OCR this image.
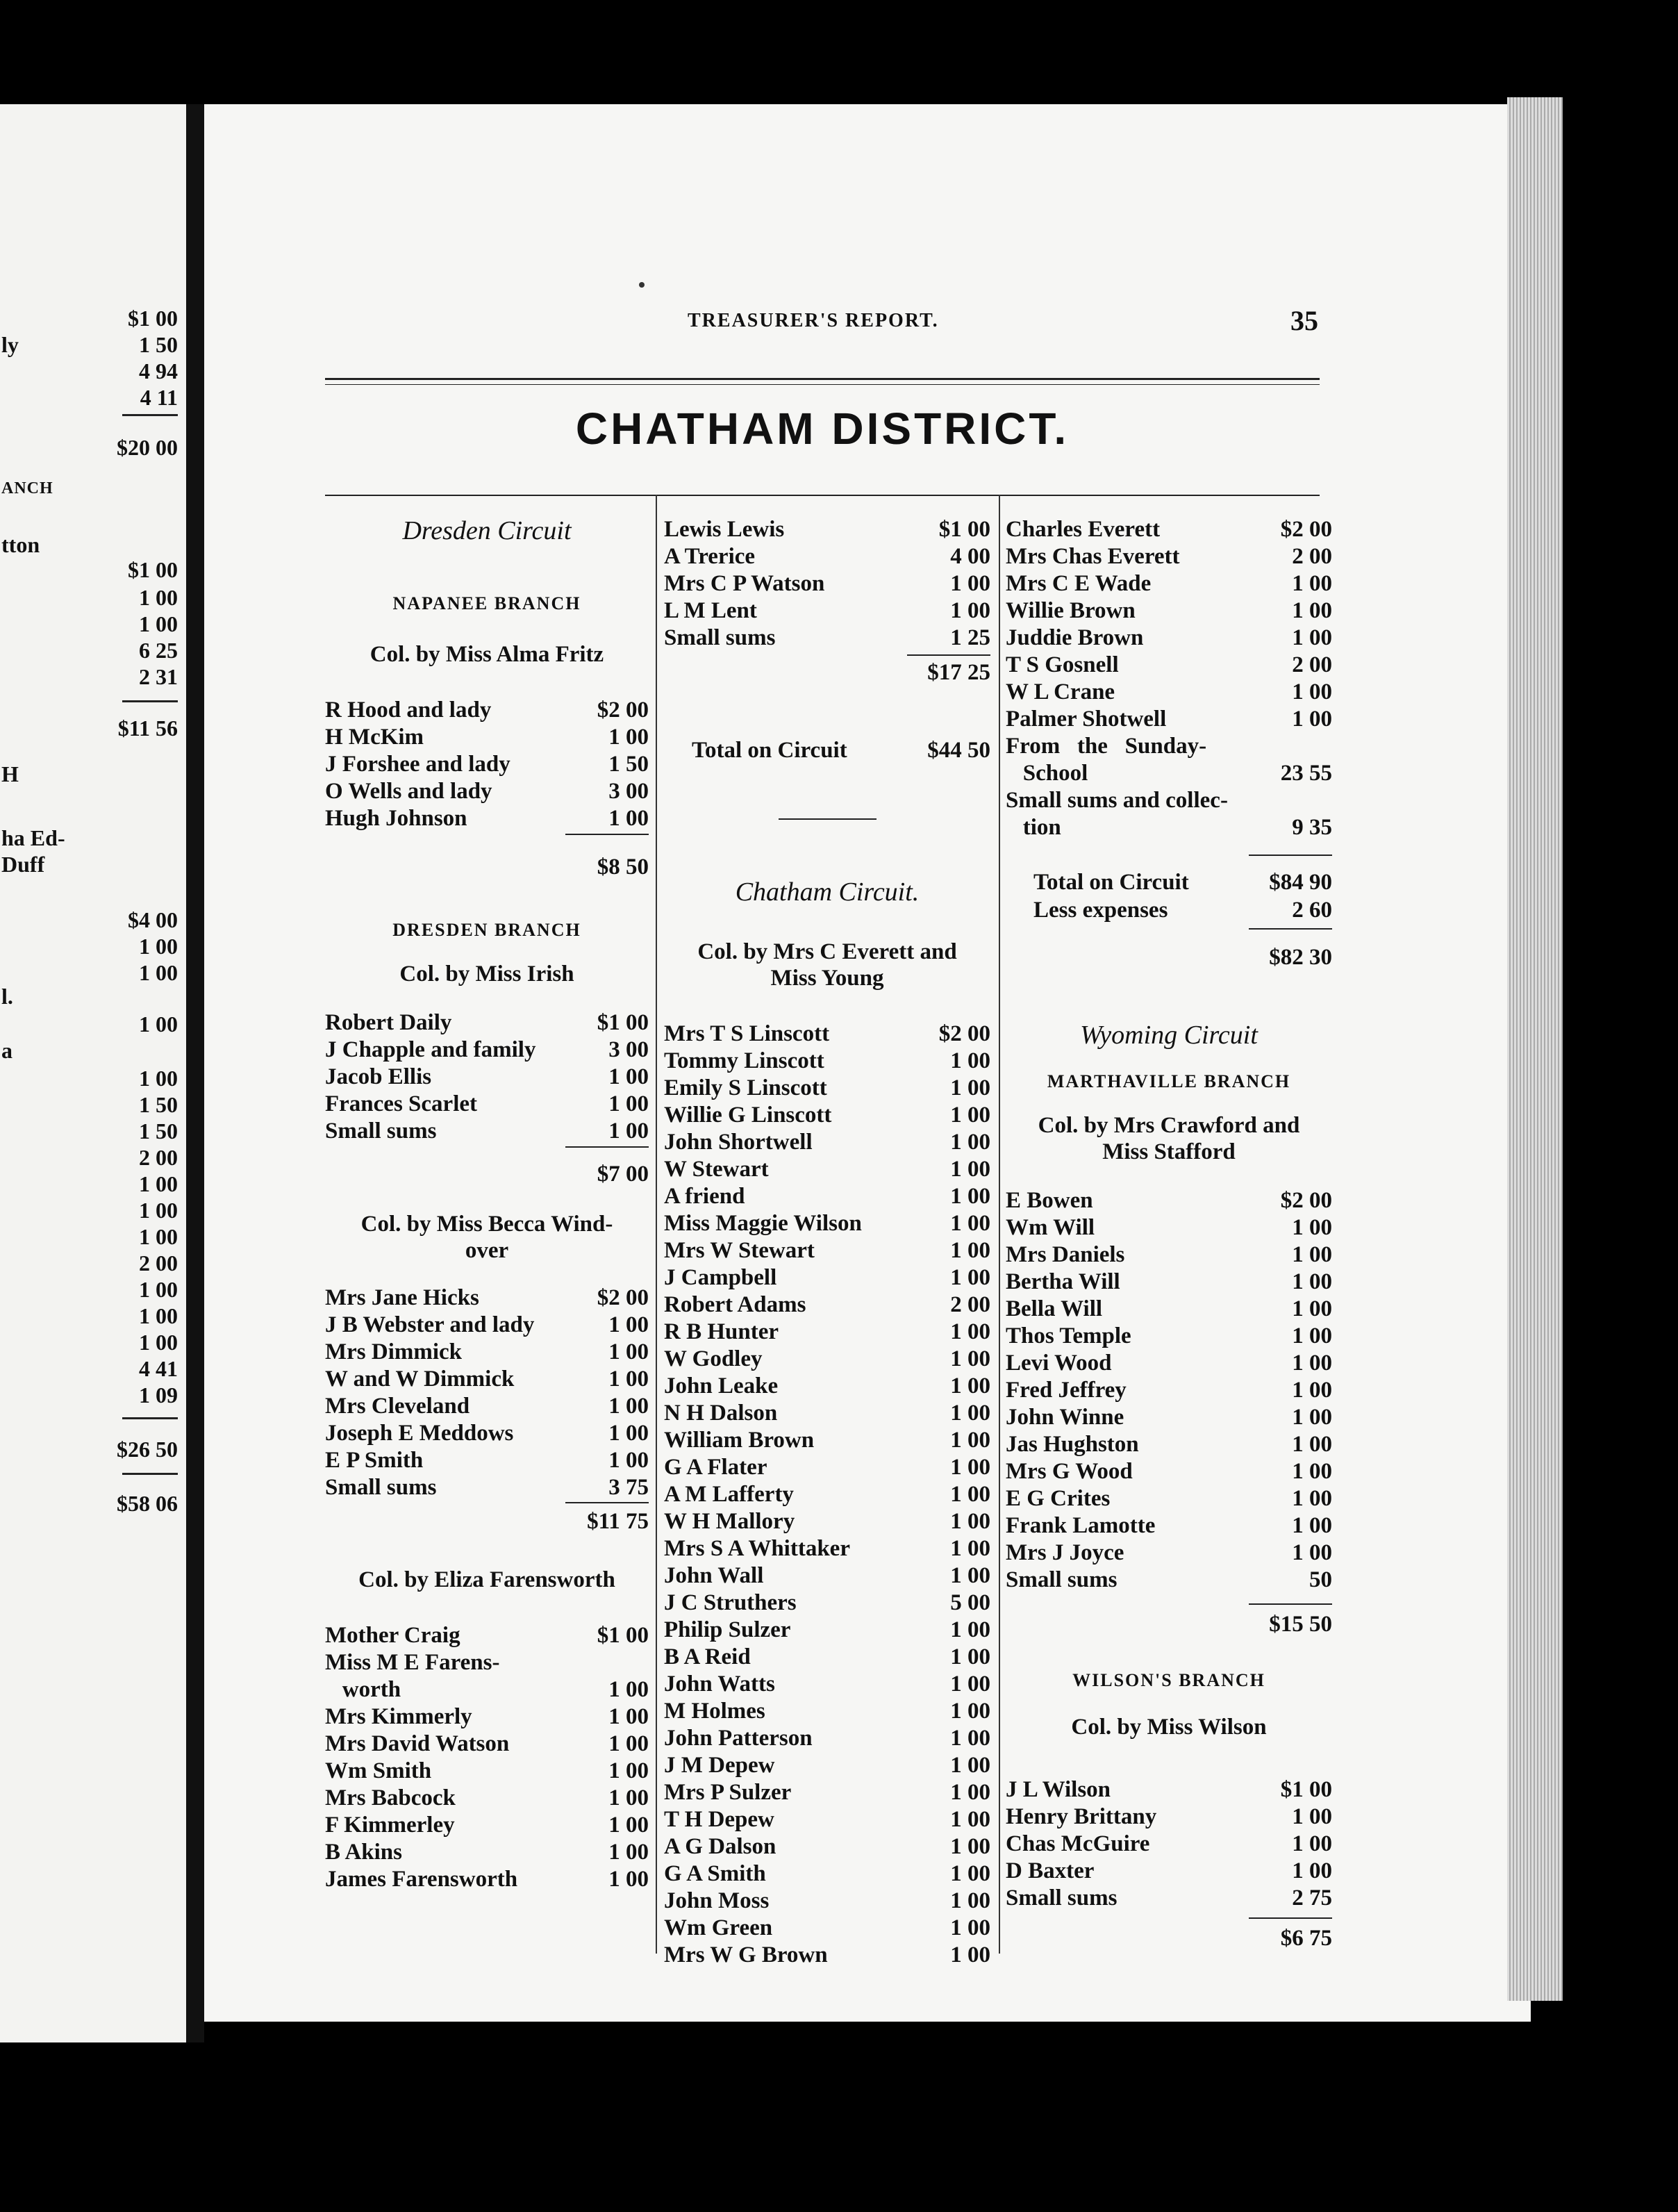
$1 00
ly	1 50
4 94
4 11
$20 00
ANCH
tton
$1 00
1 00
1 00
6 25
2 31
$11 56
H
ha Ed-
Duff
$4 00
1 00
1 00
l.
1 00
a
1 00
1 50
1 50
2 00
1 00
1 00
1 00
2 00
1 00
1 00
1 00
4 41
1 09
$26 50
$58 06
TREASURER'S REPORT.	35
CHATHAM DISTRICT.
Dresden Circuit
NAPANEE BRANCH
Col. by Miss Alma Fritz
R Hood and lady	$2 00
H McKim	1 00
J Forshee and lady	1 50
O Wells and lady	3 00
Hugh Johnson	1 00
$8 50
DRESDEN BRANCH
Col. by Miss Irish
Robert Daily	$1 00
J Chapple and family	3 00
Jacob Ellis	1 00
Frances Scarlet	1 00
Small sums	1 00
$7 00
Col. by Miss Becca Wind-
over
Mrs Jane Hicks	$2 00
J B Webster and lady	1 00
Mrs Dimmick	1 00
W and W Dimmick	1 00
Mrs Cleveland	1 00
Joseph E Meddows	1 00
E P Smith	1 00
Small sums	3 75
$11 75
Col. by Eliza Farensworth
Mother Craig	$1 00
Miss M E Farens-
worth	1 00
Mrs Kimmerly	1 00
Mrs David Watson	1 00
Wm Smith	1 00
Mrs Babcock	1 00
F Kimmerley	1 00
B Akins	1 00
James Farensworth	1 00
Lewis Lewis	$1 00
A Trerice	4 00
Mrs C P Watson	1 00
L M Lent	1 00
Small sums	1 25
$17 25
Total on Circuit	$44 50
Chatham Circuit.
Col. by Mrs C Everett and
Miss Young
Mrs T S Linscott	$2 00
Tommy Linscott	1 00
Emily S Linscott	1 00
Willie G Linscott	1 00
John Shortwell	1 00
W Stewart	1 00
A friend	1 00
Miss Maggie Wilson	1 00
Mrs W Stewart	1 00
J Campbell	1 00
Robert Adams	2 00
R B Hunter	1 00
W Godley	1 00
John Leake	1 00
N H Dalson	1 00
William Brown	1 00
G A Flater	1 00
A M Lafferty	1 00
W H Mallory	1 00
Mrs S A Whittaker	1 00
John Wall	1 00
J C Struthers	5 00
Philip Sulzer	1 00
B A Reid	1 00
John Watts	1 00
M Holmes	1 00
John Patterson	1 00
J M Depew	1 00
Mrs P Sulzer	1 00
T H Depew	1 00
A G Dalson	1 00
G A Smith	1 00
John Moss	1 00
Wm Green	1 00
Mrs W G Brown	1 00
Charles Everett	$2 00
Mrs Chas Everett	2 00
Mrs C E Wade	1 00
Willie Brown	1 00
Juddie Brown	1 00
T S Gosnell	2 00
W L Crane	1 00
Palmer Shotwell	1 00
From   the   Sunday-
School	23 55
Small sums and collec-
tion	9 35
Total on Circuit	$84 90
Less expenses	2 60
$82 30
Wyoming Circuit
MARTHAVILLE BRANCH
Col. by Mrs Crawford and
Miss Stafford
E Bowen	$2 00
Wm Will	1 00
Mrs Daniels	1 00
Bertha Will	1 00
Bella Will	1 00
Thos Temple	1 00
Levi Wood	1 00
Fred Jeffrey	1 00
John Winne	1 00
Jas Hughston	1 00
Mrs G Wood	1 00
E G Crites	1 00
Frank Lamotte	1 00
Mrs J Joyce	1 00
Small sums	50
$15 50
WILSON'S BRANCH
Col. by Miss Wilson
J L Wilson	$1 00
Henry Brittany	1 00
Chas McGuire	1 00
D Baxter	1 00
Small sums	2 75
$6 75
